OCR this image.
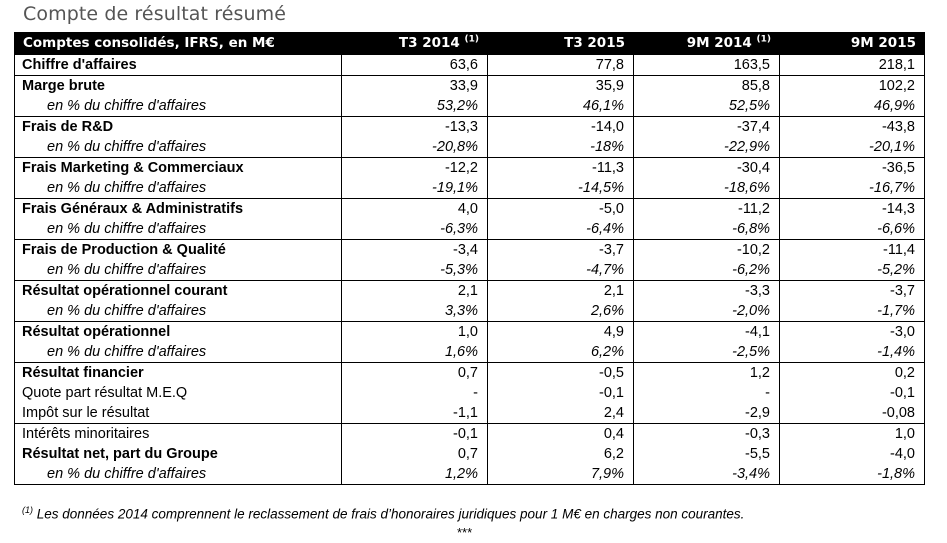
Compte de résultat résumé
Comptes consolidés, IFRS, en M€	T3 2014 $^{(1)}$	T3 2015	9M 2014 $^{(1)}$	9M 2015
Chiffre d'affaires	63,6	77,8	163,5	218,1
Marge brute	33,9	35,9	85,8	102,2
en % du chiffre d'affaires	53,2%	46,1%	52,5%	46,9%
Frais de R&D	-13,3	-14,0	-37,4	-43,8
en % du chiffre d'affaires	-20,8%	-18%	-22,9%	-20,1%
Frais Marketing & Commerciaux	-12,2	-11,3	-30,4	-36,5
en % du chiffre d'affaires	-19,1%	-14,5%	-18,6%	-16,7%
Frais Généraux & Administratifs	4,0	-5,0	-11,2	-14,3
en % du chiffre d'affaires	-6,3%	-6,4%	-6,8%	-6,6%
Frais de Production & Qualité	-3,4	-3,7	-10,2	-11,4
en % du chiffre d'affaires	-5,3%	-4,7%	-6,2%	-5,2%
Résultat opérationnel courant	2,1	2,1	-3,3	-3,7
en % du chiffre d'affaires	3,3%	2,6%	-2,0%	-1,7%
Résultat opérationnel	1,0	4,9	-4,1	-3,0
en % du chiffre d'affaires	1,6%	6,2%	-2,5%	-1,4%
Résultat financier	0,7	-0,5	1,2	0,2
Quote part résultat M.E.Q	-	-0,1	-	-0,1
Impôt sur le résultat	-1,1	2,4	-2,9	-0,08
Intérêts minoritaires	-0,1	0,4	-0,3	1,0
Résultat net, part du Groupe	0,7	6,2	-5,5	-4,0
en % du chiffre d'affaires	1,2%	7,9%	-3,4%	-1,8%
$^{(1)}$ Les données 2014 comprennent le reclassement de frais d’honoraires juridiques pour 1 M€ en charges non courantes.
***
